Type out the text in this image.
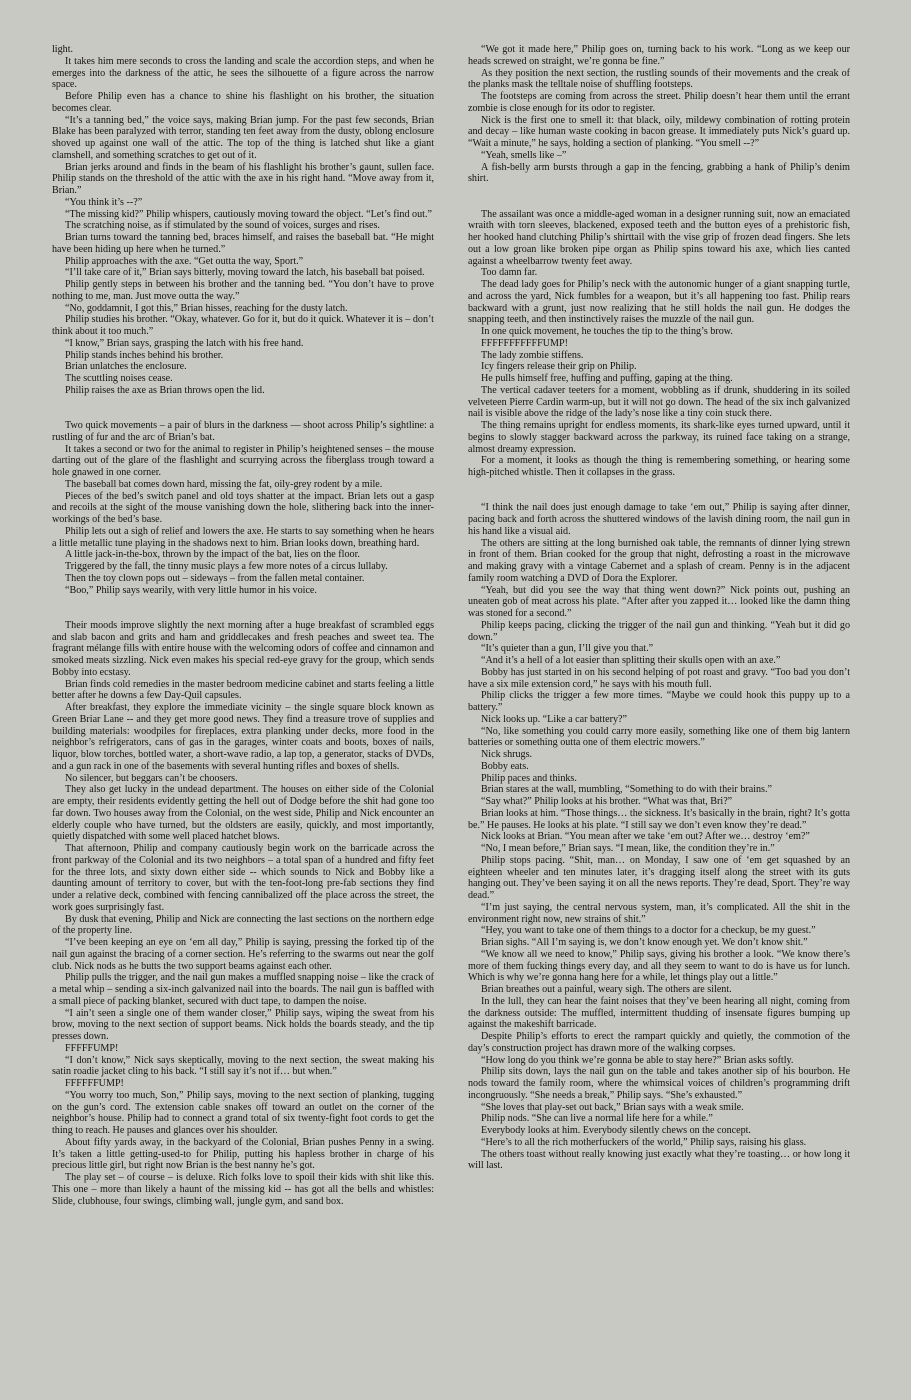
light.

It takes him mere seconds to cross the landing and scale the accordion steps, and when he emerges into the darkness of the attic, he sees the silhouette of a figure across the narrow space.

Before Philip even has a chance to shine his flashlight on his brother, the situation becomes clear.

“It’s a tanning bed,” the voice says, making Brian jump. For the past few seconds, Brian Blake has been paralyzed with terror, standing ten feet away from the dusty, oblong enclosure shoved up against one wall of the attic. The top of the thing is latched shut like a giant clamshell, and something scratches to get out of it.

Brian jerks around and finds in the beam of his flashlight his brother’s gaunt, sullen face. Philip stands on the threshold of the attic with the axe in his right hand. “Move away from it, Brian.”

“You think it’s --?”

“The missing kid?” Philip whispers, cautiously moving toward the object. “Let’s find out.”

The scratching noise, as if stimulated by the sound of voices, surges and rises.

Brian turns toward the tanning bed, braces himself, and raises the baseball bat. “He might have been hiding up here when he turned.”

Philip approaches with the axe. “Get outta the way, Sport.”

“I’ll take care of it,” Brian says bitterly, moving toward the latch, his baseball bat poised.

Philip gently steps in between his brother and the tanning bed. “You don’t have to prove nothing to me, man. Just move outta the way.”

“No, goddamnit, I got this,” Brian hisses, reaching for the dusty latch.

Philip studies his brother. “Okay, whatever. Go for it, but do it quick. Whatever it is – don’t think about it too much.”

“I know,” Brian says, grasping the latch with his free hand.

Philip stands inches behind his brother.

Brian unlatches the enclosure.

The scuttling noises cease.

Philip raises the axe as Brian throws open the lid.

Two quick movements – a pair of blurs in the darkness — shoot across Philip’s sightline: a rustling of fur and the arc of Brian’s bat.

It takes a second or two for the animal to register in Philip’s heightened senses – the mouse darting out of the glare of the flashlight and scurrying across the fiberglass trough toward a hole gnawed in one corner.

The baseball bat comes down hard, missing the fat, oily-grey rodent by a mile.

Pieces of the bed’s switch panel and old toys shatter at the impact. Brian lets out a gasp and recoils at the sight of the mouse vanishing down the hole, slithering back into the inner-workings of the bed’s base.

Philip lets out a sigh of relief and lowers the axe. He starts to say something when he hears a little metallic tune playing in the shadows next to him. Brian looks down, breathing hard.

A little jack-in-the-box, thrown by the impact of the bat, lies on the floor.

Triggered by the fall, the tinny music plays a few more notes of a circus lullaby.

Then the toy clown pops out – sideways – from the fallen metal container.

“Boo,” Philip says wearily, with very little humor in his voice.

Their moods improve slightly the next morning after a huge breakfast of scrambled eggs and slab bacon and grits and ham and griddlecakes and fresh peaches and sweet tea. The fragrant mélange fills with entire house with the welcoming odors of coffee and cinnamon and smoked meats sizzling. Nick even makes his special red-eye gravy for the group, which sends Bobby into ecstasy.

Brian finds cold remedies in the master bedroom medicine cabinet and starts feeling a little better after he downs a few Day-Quil capsules.

After breakfast, they explore the immediate vicinity – the single square block known as Green Briar Lane -- and they get more good news. They find a treasure trove of supplies and building materials: woodpiles for fireplaces, extra planking under decks, more food in the neighbor’s refrigerators, cans of gas in the garages, winter coats and boots, boxes of nails, liquor, blow torches, bottled water, a short-wave radio, a lap top, a generator, stacks of DVDs, and a gun rack in one of the basements with several hunting rifles and boxes of shells.

No silencer, but beggars can’t be choosers.

They also get lucky in the undead department. The houses on either side of the Colonial are empty, their residents evidently getting the hell out of Dodge before the shit had gone too far down. Two houses away from the Colonial, on the west side, Philip and Nick encounter an elderly couple who have turned, but the oldsters are easily, quickly, and most importantly, quietly dispatched with some well placed hatchet blows.

That afternoon, Philip and company cautiously begin work on the barricade across the front parkway of the Colonial and its two neighbors – a total span of a hundred and fifty feet for the three lots, and sixty down either side -- which sounds to Nick and Bobby like a daunting amount of territory to cover, but with the ten-foot-long pre-fab sections they find under a relative deck, combined with fencing cannibalized off the place across the street, the work goes surprisingly fast.

By dusk that evening, Philip and Nick are connecting the last sections on the northern edge of the property line.

“I’ve been keeping an eye on ‘em all day,” Philip is saying, pressing the forked tip of the nail gun against the bracing of a corner section. He’s referring to the swarms out near the golf club. Nick nods as he butts the two support beams against each other.

Philip pulls the trigger, and the nail gun makes a muffled snapping noise – like the crack of a metal whip – sending a six-inch galvanized nail into the boards. The nail gun is baffled with a small piece of packing blanket, secured with duct tape, to dampen the noise.

“I ain’t seen a single one of them wander closer,” Philip says, wiping the sweat from his brow, moving to the next section of support beams. Nick holds the boards steady, and the tip presses down.

FFFFFUMP!

“I don’t know,” Nick says skeptically, moving to the next section, the sweat making his satin roadie jacket cling to his back. “I still say it’s not if… but when.”

FFFFFFUMP!

“You worry too much, Son,” Philip says, moving to the next section of planking, tugging on the gun’s cord. The extension cable snakes off toward an outlet on the corner of the neighbor’s house. Philip had to connect a grand total of six twenty-fight foot cords to get the thing to reach. He pauses and glances over his shoulder.

About fifty yards away, in the backyard of the Colonial, Brian pushes Penny in a swing. It’s taken a little getting-used-to for Philip, putting his hapless brother in charge of his precious little girl, but right now Brian is the best nanny he’s got.

The play set – of course – is deluxe. Rich folks love to spoil their kids with shit like this. This one – more than likely a haunt of the missing kid -- has got all the bells and whistles: Slide, clubhouse, four swings, climbing wall, jungle gym, and sand box.

“We got it made here,” Philip goes on, turning back to his work. “Long as we keep our heads screwed on straight, we’re gonna be fine.”

As they position the next section, the rustling sounds of their movements and the creak of the planks mask the telltale noise of shuffling footsteps.

The footsteps are coming from across the street. Philip doesn’t hear them until the errant zombie is close enough for its odor to register.

Nick is the first one to smell it: that black, oily, mildewy combination of rotting protein and decay – like human waste cooking in bacon grease. It immediately puts Nick’s guard up. “Wait a minute,” he says, holding a section of planking. “You smell --?”

“Yeah, smells like –”

A fish-belly arm bursts through a gap in the fencing, grabbing a hank of Philip’s denim shirt.

The assailant was once a middle-aged woman in a designer running suit, now an emaciated wraith with torn sleeves, blackened, exposed teeth and the button eyes of a prehistoric fish, her hooked hand clutching Philip’s shirttail with the vise grip of frozen dead fingers. She lets out a low groan like broken pipe organ as Philip spins toward his axe, which lies canted against a wheelbarrow twenty feet away.

Too damn far.

The dead lady goes for Philip’s neck with the autonomic hunger of a giant snapping turtle, and across the yard, Nick fumbles for a weapon, but it’s all happening too fast. Philip rears backward with a grunt, just now realizing that he still holds the nail gun. He dodges the snapping teeth, and then instinctively raises the muzzle of the nail gun.

In one quick movement, he touches the tip to the thing’s brow.

FFFFFFFFFFFUMP!

The lady zombie stiffens.

Icy fingers release their grip on Philip.

He pulls himself free, huffing and puffing, gaping at the thing.

The vertical cadaver teeters for a moment, wobbling as if drunk, shuddering in its soiled velveteen Pierre Cardin warm-up, but it will not go down. The head of the six inch galvanized nail is visible above the ridge of the lady’s nose like a tiny coin stuck there.

The thing remains upright for endless moments, its shark-like eyes turned upward, until it begins to slowly stagger backward across the parkway, its ruined face taking on a strange, almost dreamy expression.

For a moment, it looks as though the thing is remembering something, or hearing some high-pitched whistle. Then it collapses in the grass.

“I think the nail does just enough damage to take ‘em out,” Philip is saying after dinner, pacing back and forth across the shuttered windows of the lavish dining room, the nail gun in his hand like a visual aid.

The others are sitting at the long burnished oak table, the remnants of dinner lying strewn in front of them. Brian cooked for the group that night, defrosting a roast in the microwave and making gravy with a vintage Cabernet and a splash of cream. Penny is in the adjacent family room watching a DVD of Dora the Explorer.

“Yeah, but did you see the way that thing went down?” Nick points out, pushing an uneaten gob of meat across his plate. “After after you zapped it… looked like the damn thing was stoned for a second.”

Philip keeps pacing, clicking the trigger of the nail gun and thinking. “Yeah but it did go down.”

“It’s quieter than a gun, I’ll give you that.”

“And it’s a hell of a lot easier than splitting their skulls open with an axe.”

Bobby has just started in on his second helping of pot roast and gravy. “Too bad you don’t have a six mile extension cord,” he says with his mouth full.

Philip clicks the trigger a few more times. “Maybe we could hook this puppy up to a battery.”

Nick looks up. “Like a car battery?”

“No, like something you could carry more easily, something like one of them big lantern batteries or something outta one of them electric mowers.”

Nick shrugs.

Bobby eats.

Philip paces and thinks.

Brian stares at the wall, mumbling, “Something to do with their brains.”

“Say what?” Philip looks at his brother. “What was that, Bri?”

Brian looks at him. “Those things… the sickness. It’s basically in the brain, right? It’s gotta be.” He pauses. He looks at his plate. “I still say we don’t even know they’re dead.”

Nick looks at Brian. “You mean after we take ‘em out? After we… destroy ‘em?”

“No, I mean before,” Brian says. “I mean, like, the condition they’re in.”

Philip stops pacing. “Shit, man… on Monday, I saw one of ‘em get squashed by an eighteen wheeler and ten minutes later, it’s dragging itself along the street with its guts hanging out. They’ve been saying it on all the news reports. They’re dead, Sport. They’re way dead.”

“I’m just saying, the central nervous system, man, it’s complicated. All the shit in the environment right now, new strains of shit.”

“Hey, you want to take one of them things to a doctor for a checkup, be my guest.”

Brian sighs. “All I’m saying is, we don’t know enough yet. We don’t know shit.”

“We know all we need to know,” Philip says, giving his brother a look. “We know there’s more of them fucking things every day, and all they seem to want to do is have us for lunch. Which is why we’re gonna hang here for a while, let things play out a little.”

Brian breathes out a painful, weary sigh. The others are silent.

In the lull, they can hear the faint noises that they’ve been hearing all night, coming from the darkness outside: The muffled, intermittent thudding of insensate figures bumping up against the makeshift barricade.

Despite Philip’s efforts to erect the rampart quickly and quietly, the commotion of the day’s construction project has drawn more of the walking corpses.

“How long do you think we’re gonna be able to stay here?” Brian asks softly.

Philip sits down, lays the nail gun on the table and takes another sip of his bourbon. He nods toward the family room, where the whimsical voices of children’s programming drift incongruously. “She needs a break,” Philip says. “She’s exhausted.”

“She loves that play-set out back,” Brian says with a weak smile.

Philip nods. “She can live a normal life here for a while.”

Everybody looks at him. Everybody silently chews on the concept.

“Here’s to all the rich motherfuckers of the world,” Philip says, raising his glass.

The others toast without really knowing just exactly what they’re toasting… or how long it will last.
